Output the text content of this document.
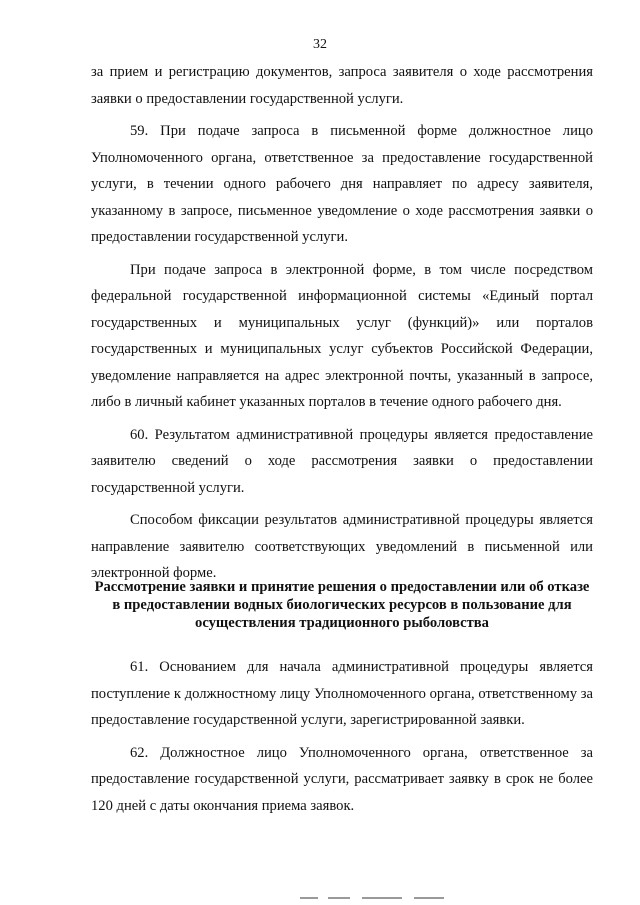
32

за прием и регистрацию документов, запроса заявителя о ходе рассмотрения заявки о предоставлении государственной услуги.

59. При подаче запроса в письменной форме должностное лицо Уполномоченного органа, ответственное за предоставление государственной услуги, в течении одного рабочего дня направляет по адресу заявителя, указанному в запросе, письменное уведомление о ходе рассмотрения заявки о предоставлении государственной услуги.

При подаче запроса в электронной форме, в том числе посредством федеральной государственной информационной системы «Единый портал государственных и муниципальных услуг (функций)» или порталов государственных и муниципальных услуг субъектов Российской Федерации, уведомление направляется на адрес электронной почты, указанный в запросе, либо в личный кабинет указанных порталов в течение одного рабочего дня.

60. Результатом административной процедуры является предоставление заявителю сведений о ходе рассмотрения заявки о предоставлении государственной услуги.

Способом фиксации результатов административной процедуры является направление заявителю соответствующих уведомлений в письменной или электронной форме.

Рассмотрение заявки и принятие решения о предоставлении или об отказе в предоставлении водных биологических ресурсов в пользование для осуществления традиционного рыболовства

61. Основанием для начала административной процедуры является поступление к должностному лицу Уполномоченного органа, ответственному за предоставление государственной услуги, зарегистрированной заявки.

62. Должностное лицо Уполномоченного органа, ответственное за предоставление государственной услуги, рассматривает заявку в срок не более 120 дней с даты окончания приема заявок.
